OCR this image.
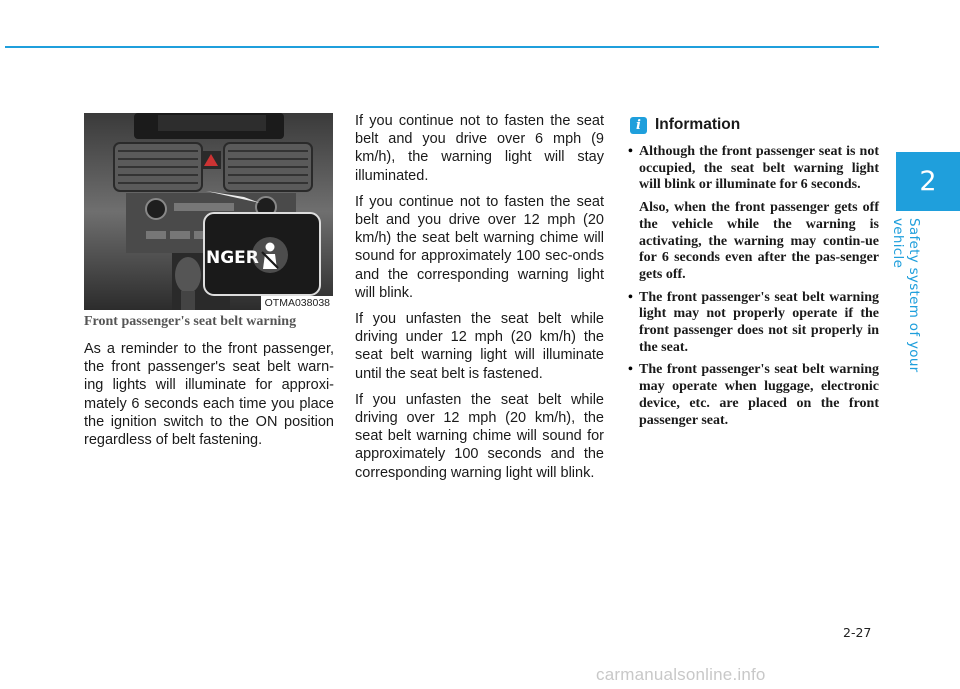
2
Safety system of your vehicle
NGER
OTMA038038
Front passenger's seat belt warning

As a reminder to the front passenger, the front passenger's seat belt warn-ing lights will illuminate for approxi-mately 6 seconds each time you place the ignition switch to the ON position regardless of belt fastening.

If you continue not to fasten the seat belt and you drive over 6 mph (9 km/h), the warning light will stay illuminated.

If you continue not to fasten the seat belt and you drive over 12 mph (20 km/h) the seat belt warning chime will sound for approximately 100 sec-onds and the corresponding warning light will blink.

If you unfasten the seat belt while driving under 12 mph (20 km/h) the seat belt warning light will illuminate until the seat belt is fastened.

If you unfasten the seat belt while driving over 12 mph (20 km/h), the seat belt warning chime will sound for approximately 100 seconds and the corresponding warning light will blink.

i Information
• Although the front passenger seat is not occupied, the seat belt warning light will blink or illuminate for 6 seconds.
Also, when the front passenger gets off the vehicle while the warning is activating, the warning may contin-ue for 6 seconds even after the pas-senger gets off.
• The front passenger's seat belt warning light may not properly operate if the front passenger does not sit properly in the seat.
• The front passenger's seat belt warning may operate when luggage, electronic device, etc. are placed on the front passenger seat.
2-27
carmanualsonline.info
